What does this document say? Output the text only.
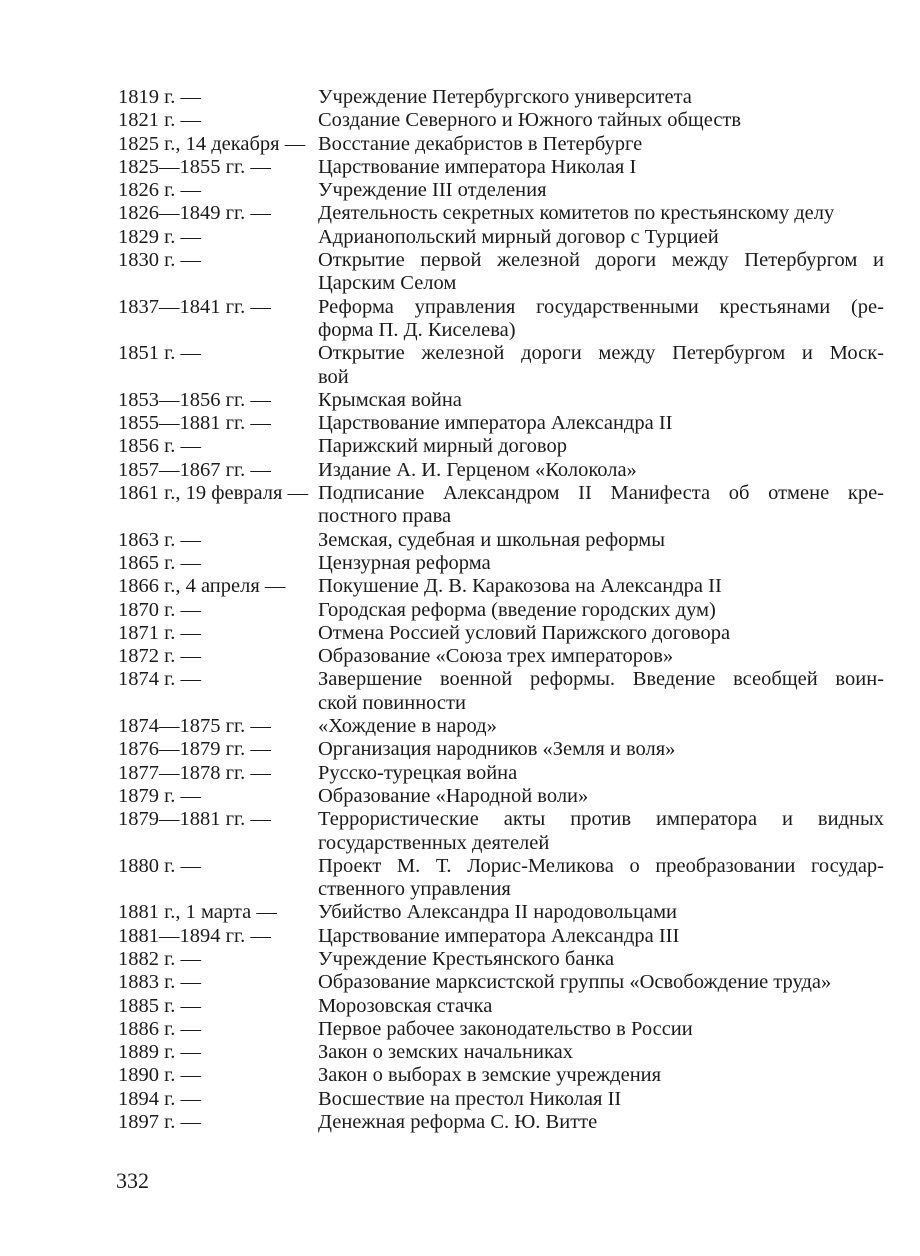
1819 г. —	Учреждение Петербургского университета
1821 г. —	Создание Северного и Южного тайных обществ
1825 г., 14 декабря — Восстание декабристов в Петербурге
1825—1855 гг. —	Царствование императора Николая I
1826 г. —	Учреждение III отделения
1826—1849 гг. —	Деятельность секретных комитетов по крестьянскому делу
1829 г. —	Адрианопольский мирный договор с Турцией
1830 г. —	Открытие первой железной дороги между Петербургом и
Царским Селом
1837—1841 гг. —	Реформа управления государственными крестьянами (ре-
форма П. Д. Киселева)
1851 г. —	Открытие железной дороги между Петербургом и Моск-
вой
1853—1856 гг. —	Крымская война
1855—1881 гг. —	Царствование императора Александра II
1856 г. —	Парижский мирный договор
1857—1867 гг. —	Издание А. И. Герценом «Колокола»
1861 г., 19 февраля — Подписание Александром II Манифеста об отмене кре-
постного права
1863 г. —	Земская, судебная и школьная реформы
1865 г. —	Цензурная реформа
1866 г., 4 апреля —	Покушение Д. В. Каракозова на Александра II
1870 г. —	Городская реформа (введение городских дум)
1871 г. —	Отмена Россией условий Парижского договора
1872 г. —	Образование «Союза трех императоров»
1874 г. —	Завершение военной реформы. Введение всеобщей воин-
ской повинности
1874—1875 гг. —	«Хождение в народ»
1876—1879 гг. —	Организация народников «Земля и воля»
1877—1878 гг. —	Русско-турецкая война
1879 г. —	Образование «Народной воли»
1879—1881 гг. —	Террористические акты против императора и видных
государственных деятелей
1880 г. —	Проект М. Т. Лорис-Меликова о преобразовании государ-
ственного управления
1881 г., 1 марта —	Убийство Александра II народовольцами
1881—1894 гг. —	Царствование императора Александра III
1882 г. —	Учреждение Крестьянского банка
1883 г. —	Образование марксистской группы «Освобождение труда»
1885 г. —	Морозовская стачка
1886 г. —	Первое рабочее законодательство в России
1889 г. —	Закон о земских начальниках
1890 г. —	Закон о выборах в земские учреждения
1894 г. —	Восшествие на престол Николая II
1897 г. —	Денежная реформа С. Ю. Витте
332
